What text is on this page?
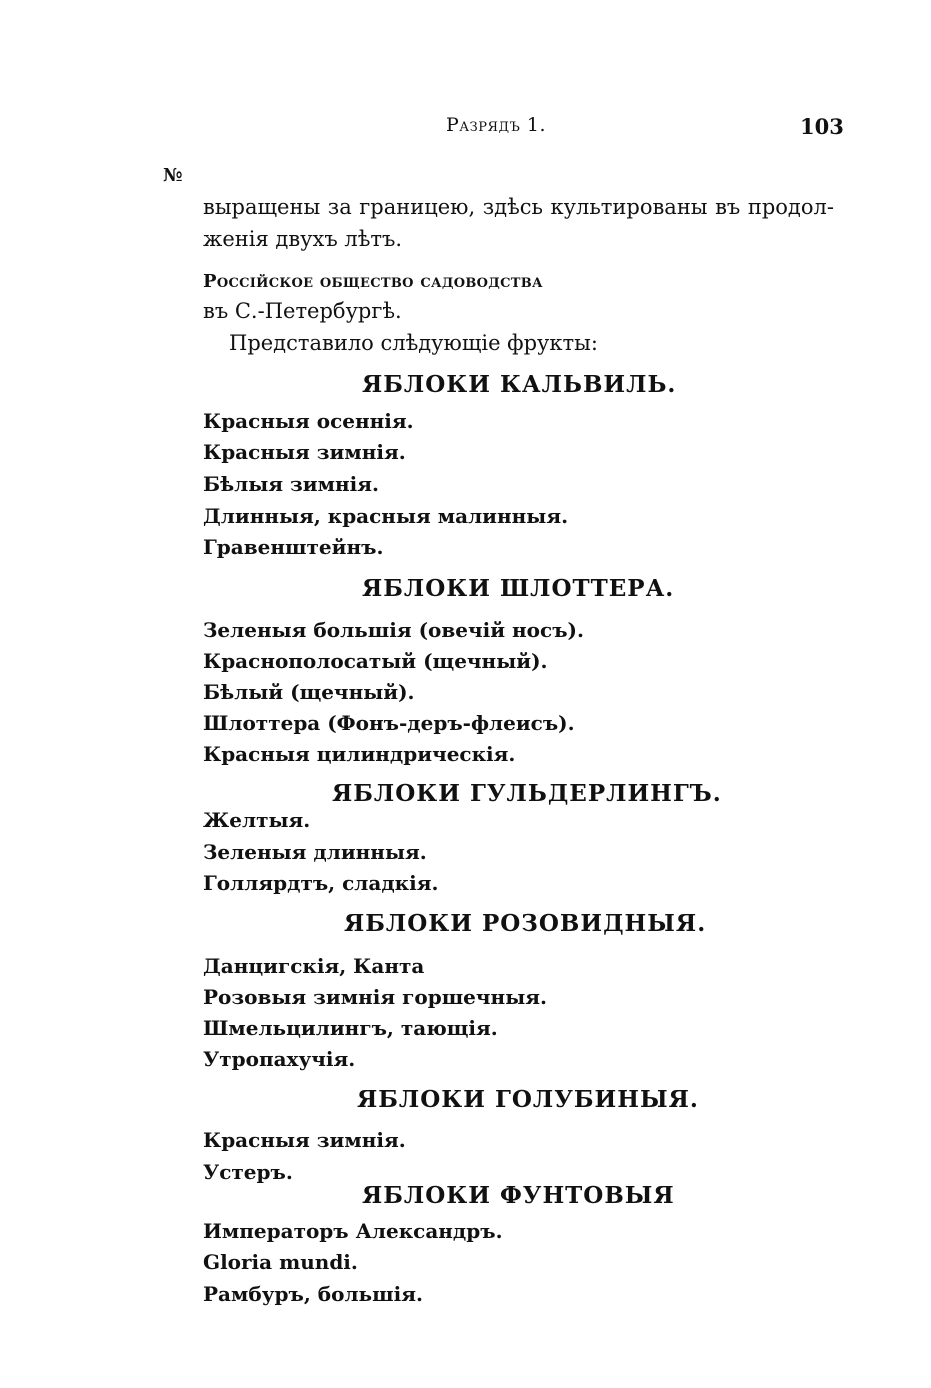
Разрядъ 1.	103
№
выращены за границею, здѣсь культированы въ продол-
женія двухъ лѣтъ.
Россійское общество садоводства
въ С.-Петербургѣ.
Представило слѣдующіе фрукты:
ЯБЛОКИ КАЛЬВИЛЬ.
Красныя осеннія.
Красныя зимнія.
Бѣлыя зимнія.
Длинныя, красныя малинныя.
Гравенштейнъ.
ЯБЛОКИ ШЛОТТЕРА.
Зеленыя большія (овечій носъ).
Краснополосатый (щечный).
Бѣлый (щечный).
Шлоттера (Фонъ-деръ-флеисъ).
Красныя цилиндрическія.
ЯБЛОКИ ГУЛЬДЕРЛИНГЪ.
Желтыя.
Зеленыя длинныя.
Голлярдтъ, сладкія.
ЯБЛОКИ РОЗОВИДНЫЯ.
Данцигскія, Канта
Розовыя зимнія горшечныя.
Шмельцилингъ, тающія.
Утропахучія.
ЯБЛОКИ ГОЛУБИНЫЯ.
Красныя зимнія.
Устеръ.
ЯБЛОКИ ФУНТОВЫЯ
Императоръ Александръ.
Gloria mundi.
Рамбуръ, большія.
